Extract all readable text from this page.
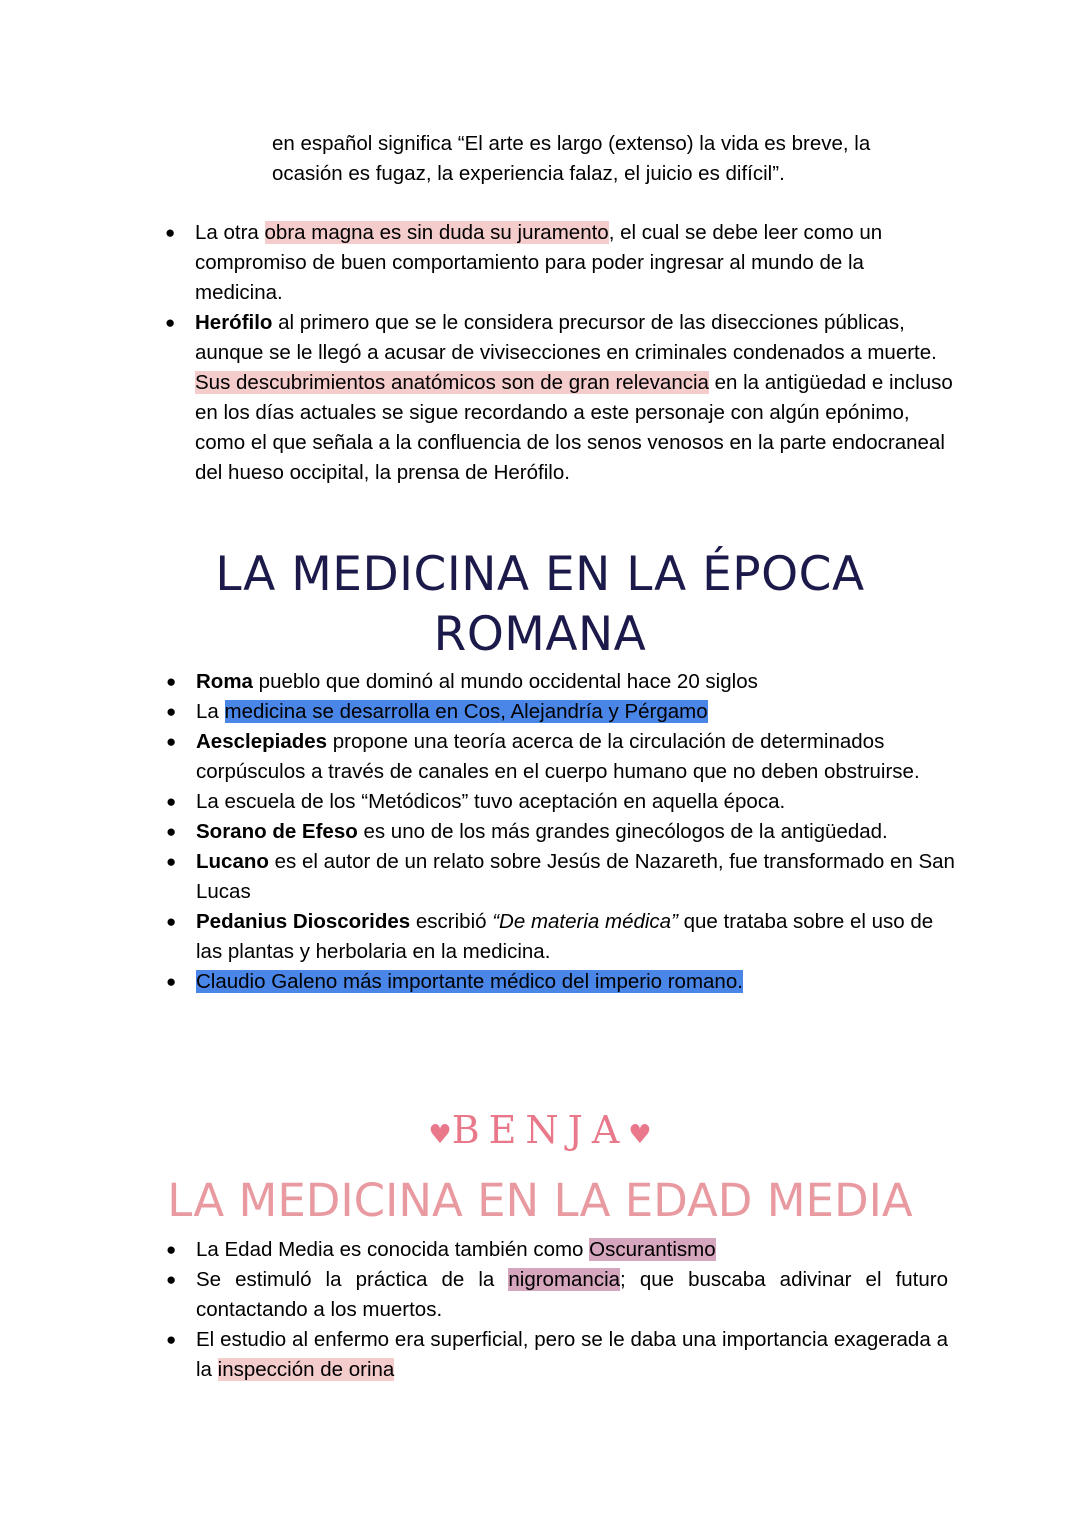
en español significa “El arte es largo (extenso) la vida es breve, la
ocasión es fugaz, la experiencia falaz, el juicio es difícil”.
● La otra obra magna es sin duda su juramento, el cual se debe leer como un compromiso de buen comportamiento para poder ingresar al mundo de la medicina.
● Herófilo al primero que se le considera precursor de las disecciones públicas, aunque se le llegó a acusar de vivisecciones en criminales condenados a muerte. Sus descubrimientos anatómicos son de gran relevancia en la antigüedad e incluso en los días actuales se sigue recordando a este personaje con algún epónimo, como el que señala a la confluencia de los senos venosos en la parte endocraneal del hueso occipital, la prensa de Herófilo.
LA MEDICINA EN LA ÉPOCA
ROMANA
● Roma pueblo que dominó al mundo occidental hace 20 siglos
● La medicina se desarrolla en Cos, Alejandría y Pérgamo
● Aesclepiades propone una teoría acerca de la circulación de determinados corpúsculos a través de canales en el cuerpo humano que no deben obstruirse.
● La escuela de los “Metódicos” tuvo aceptación en aquella época.
● Sorano de Efeso es uno de los más grandes ginecólogos de la antigüedad.
● Lucano es el autor de un relato sobre Jesús de Nazareth, fue transformado en San Lucas
● Pedanius Dioscorides escribió “De materia médica” que trataba sobre el uso de las plantas y herbolaria en la medicina.
● Claudio Galeno más importante médico del imperio romano.
♥BENJA♥
LA MEDICINA EN LA EDAD MEDIA
● La Edad Media es conocida también como Oscurantismo
● Se estimuló la práctica de la nigromancia; que buscaba adivinar el futuro contactando a los muertos.
● El estudio al enfermo era superficial, pero se le daba una importancia exagerada a la inspección de orina
